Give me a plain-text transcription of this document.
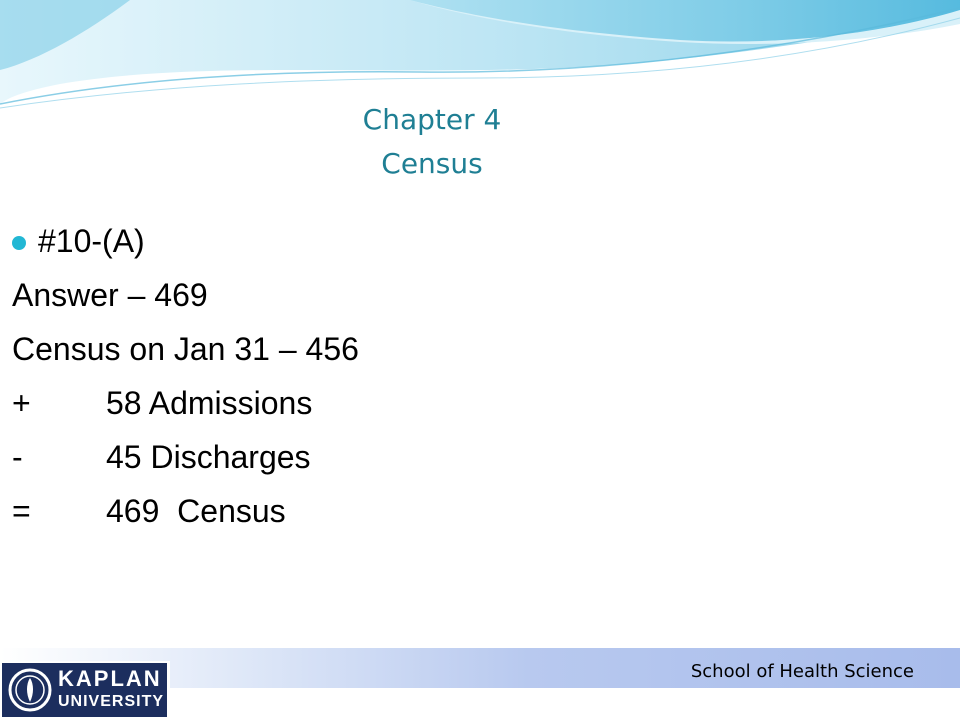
Chapter 4
Census
#10-(A)
Answer – 469
Census on Jan 31 – 456
+	58 Admissions
-	45 Discharges
=	469  Census
School of Health Science
KAPLAN
UNIVERSITY
